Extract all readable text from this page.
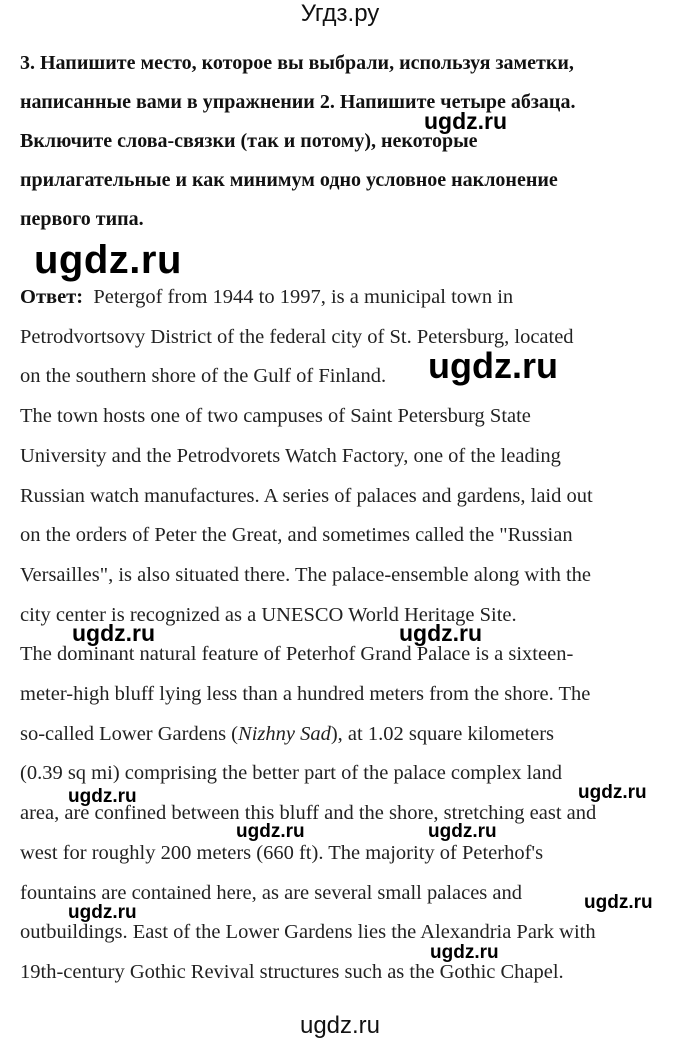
Угдз.ру
3. Напишите место, которое вы выбрали, используя заметки,
написанные вами в упражнении 2. Напишите четыре абзаца.
Включите слова-связки (так и потому), некоторые
прилагательные и как минимум одно условное наклонение
первого типа.
Ответ: Petergof from 1944 to 1997, is a municipal town in
Petrodvortsovy District of the federal city of St. Petersburg, located
on the southern shore of the Gulf of Finland.
The town hosts one of two campuses of Saint Petersburg State
University and the Petrodvorets Watch Factory, one of the leading
Russian watch manufactures. A series of palaces and gardens, laid out
on the orders of Peter the Great, and sometimes called the "Russian
Versailles", is also situated there. The palace-ensemble along with the
city center is recognized as a UNESCO World Heritage Site.
The dominant natural feature of Peterhof Grand Palace is a sixteen-
meter-high bluff lying less than a hundred meters from the shore. The
so-called Lower Gardens (Nizhny Sad), at 1.02 square kilometers
(0.39 sq mi) comprising the better part of the palace complex land
area, are confined between this bluff and the shore, stretching east and
west for roughly 200 meters (660 ft). The majority of Peterhof's
fountains are contained here, as are several small palaces and
outbuildings. East of the Lower Gardens lies the Alexandria Park with
19th-century Gothic Revival structures such as the Gothic Chapel.
ugdz.ru
ugdz.ru
ugdz.ru
ugdz.ru	ugdz.ru
ugdz.ru	ugdz.ru
ugdz.ru	ugdz.ru
ugdz.ru	ugdz.ru
ugdz.ru
ugdz.ru
